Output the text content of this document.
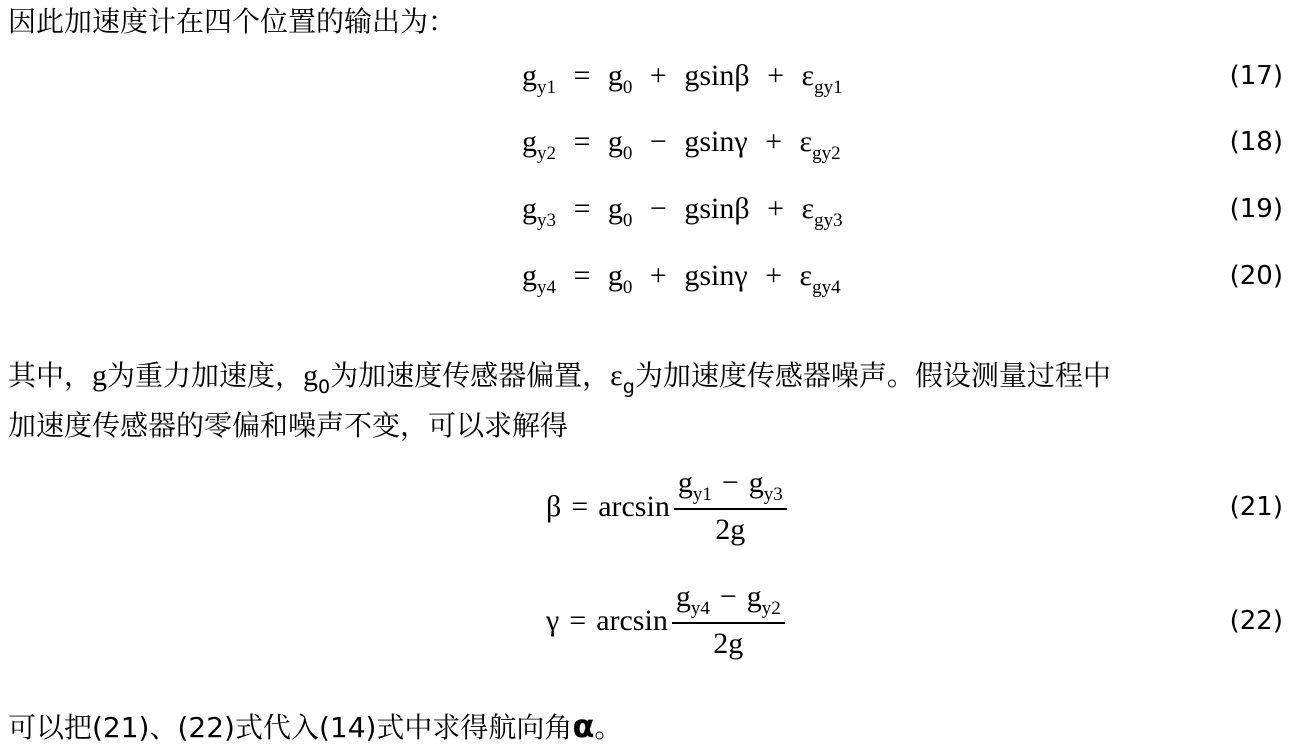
因此加速度计在四个位置的输出为：
$g_{y1} = g_0 + gsin\beta + \varepsilon_{gy1}$	(17)
$g_{y2} = g_0 - gsin\gamma + \varepsilon_{gy2}$	(18)
$g_{y3} = g_0 - gsin\beta + \varepsilon_{gy3}$	(19)
$g_{y4} = g_0 + gsin\gamma + \varepsilon_{gy4}$	(20)
其中，g为重力加速度，$g_0$为加速度传感器偏置，$\varepsilon_g$为加速度传感器噪声。假设测量过程中
加速度传感器的零偏和噪声不变，可以求解得
$\beta = \arcsin \frac{g_{y1} - g_{y3}}{2g}$	(21)
$\gamma = \arcsin \frac{g_{y4} - g_{y2}}{2g}$	(22)
可以把(21)、(22)式代入(14)式中求得航向角α。
